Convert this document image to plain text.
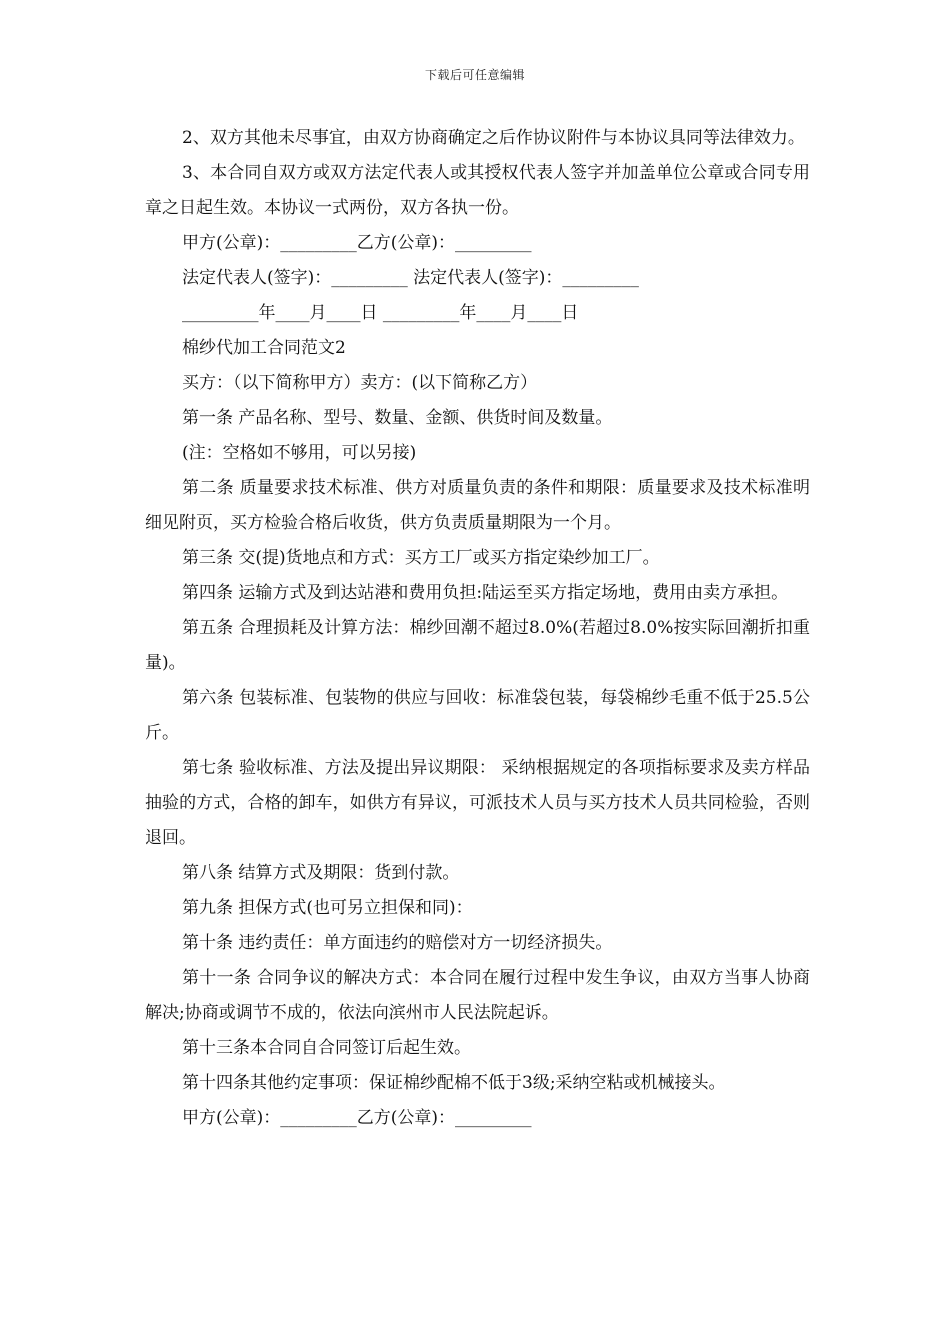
下载后可任意编辑

2、双方其他未尽事宜，由双方协商确定之后作协议附件与本协议具同等法律效力。

3、本合同自双方或双方法定代表人或其授权代表人签字并加盖单位公章或合同专用章之日起生效。本协议一式两份，双方各执一份。

甲方(公章)：_________乙方(公章)：_________

法定代表人(签字)：_________ 法定代表人(签字)：_________

_________年____月____日 _________年____月____日

棉纱代加工合同范文2

买方：（以下简称甲方）卖方：(以下简称乙方）

第一条 产品名称、型号、数量、金额、供货时间及数量。

(注：空格如不够用，可以另接)

第二条 质量要求技术标准、供方对质量负责的条件和期限：质量要求及技术标准明细见附页，买方检验合格后收货，供方负责质量期限为一个月。

第三条 交(提)货地点和方式：买方工厂或买方指定染纱加工厂。

第四条 运输方式及到达站港和费用负担:陆运至买方指定场地，费用由卖方承担。

第五条 合理损耗及计算方法：棉纱回潮不超过8.0%(若超过8.0%按实际回潮折扣重量)。

第六条 包装标准、包装物的供应与回收：标准袋包装，每袋棉纱毛重不低于25.5公斤。

第七条 验收标准、方法及提出异议期限： 采纳根据规定的各项指标要求及卖方样品抽验的方式，合格的卸车，如供方有异议，可派技术人员与买方技术人员共同检验，否则退回。

第八条 结算方式及期限：货到付款。

第九条 担保方式(也可另立担保和同)：

第十条 违约责任：单方面违约的赔偿对方一切经济损失。

第十一条 合同争议的解决方式：本合同在履行过程中发生争议，由双方当事人协商解决;协商或调节不成的，依法向滨州市人民法院起诉。

第十三条本合同自合同签订后起生效。

第十四条其他约定事项：保证棉纱配棉不低于3级;采纳空粘或机械接头。

甲方(公章)：_________乙方(公章)：_________
